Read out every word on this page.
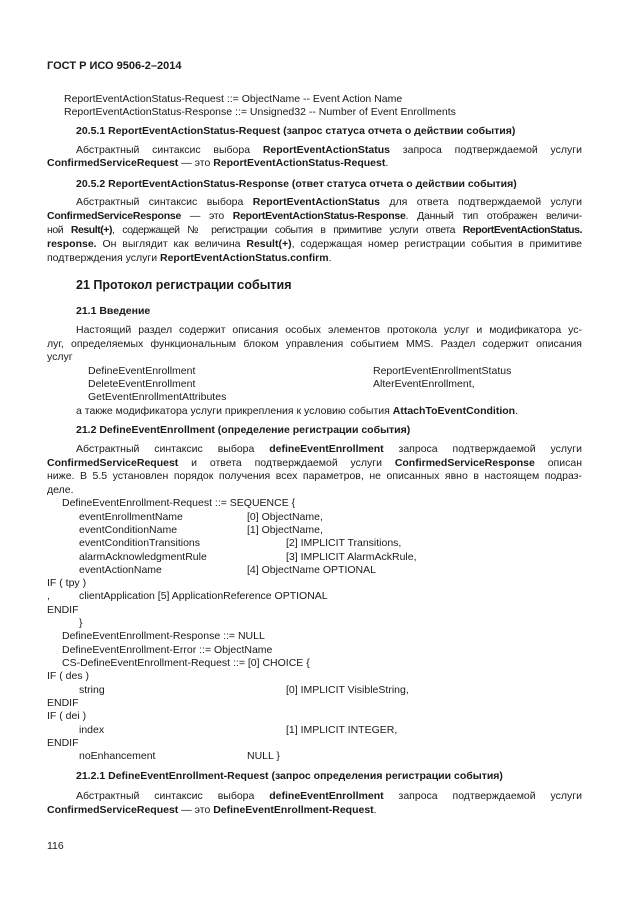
ГОСТ Р ИСО 9506-2–2014
ReportEventActionStatus-Request ::= ObjectName -- Event Action Name
ReportEventActionStatus-Response ::= Unsigned32 -- Number of Event Enrollments
20.5.1 ReportEventActionStatus-Request (запрос статуса отчета о действии события)
Абстрактный синтаксис выбора ReportEventActionStatus запроса подтверждаемой услуги
ConfirmedServiceRequest — это ReportEventActionStatus-Request.
20.5.2 ReportEventActionStatus-Response (ответ статуса отчета о действии события)
Абстрактный синтаксис выбора ReportEventActionStatus для ответа подтверждаемой услуги
ConfirmedServiceResponse — это ReportEventActionStatus-Response. Данный тип отображен величи-
ной Result(+), содержащей № регистрации события в примитиве услуги ответа ReportEventActionStatus.
response. Он выглядит как величина Result(+), содержащая номер регистрации события в примитиве
подтверждения услуги ReportEventActionStatus.confirm.
21 Протокол регистрации события
21.1 Введение
Настоящий раздел содержит описания особых элементов протокола услуг и модификатора ус-
луг, определяемых функциональным блоком управления событием MMS. Раздел содержит описания
услуг
DefineEventEnrollment	ReportEventEnrollmentStatus
DeleteEventEnrollment	AlterEventEnrollment,
GetEventEnrollmentAttributes
а также модификатора услуги прикрепления к условию события AttachToEventCondition.
21.2 DefineEventEnrollment (определение регистрации события)
Абстрактный синтаксис выбора defineEventEnrollment запроса подтверждаемой услуги
ConfirmedServiceRequest и ответа подтверждаемой услуги ConfirmedServiceResponse описан
ниже. В 5.5 установлен порядок получения всех параметров, не описанных явно в настоящем подраз-
деле.
DefineEventEnrollment-Request ::= SEQUENCE {
eventEnrollmentName	[0] ObjectName,
eventConditionName	[1] ObjectName,
eventConditionTransitions	[2] IMPLICIT Transitions,
alarmAcknowledgmentRule	[3] IMPLICIT AlarmAckRule,
eventActionName	[4] ObjectName OPTIONAL
IF ( tpy )
,	clientApplication [5] ApplicationReference OPTIONAL
ENDIF
}
DefineEventEnrollment-Response ::= NULL
DefineEventEnrollment-Error ::= ObjectName
CS-DefineEventEnrollment-Request ::= [0] CHOICE {
IF ( des )
string	[0] IMPLICIT VisibleString,
ENDIF
IF ( dei )
index	[1] IMPLICIT INTEGER,
ENDIF
noEnhancement	NULL }
21.2.1 DefineEventEnrollment-Request (запрос определения регистрации события)
Абстрактный синтаксис выбора defineEventEnrollment запроса подтверждаемой услуги
ConfirmedServiceRequest — это DefineEventEnrollment-Request.
116
